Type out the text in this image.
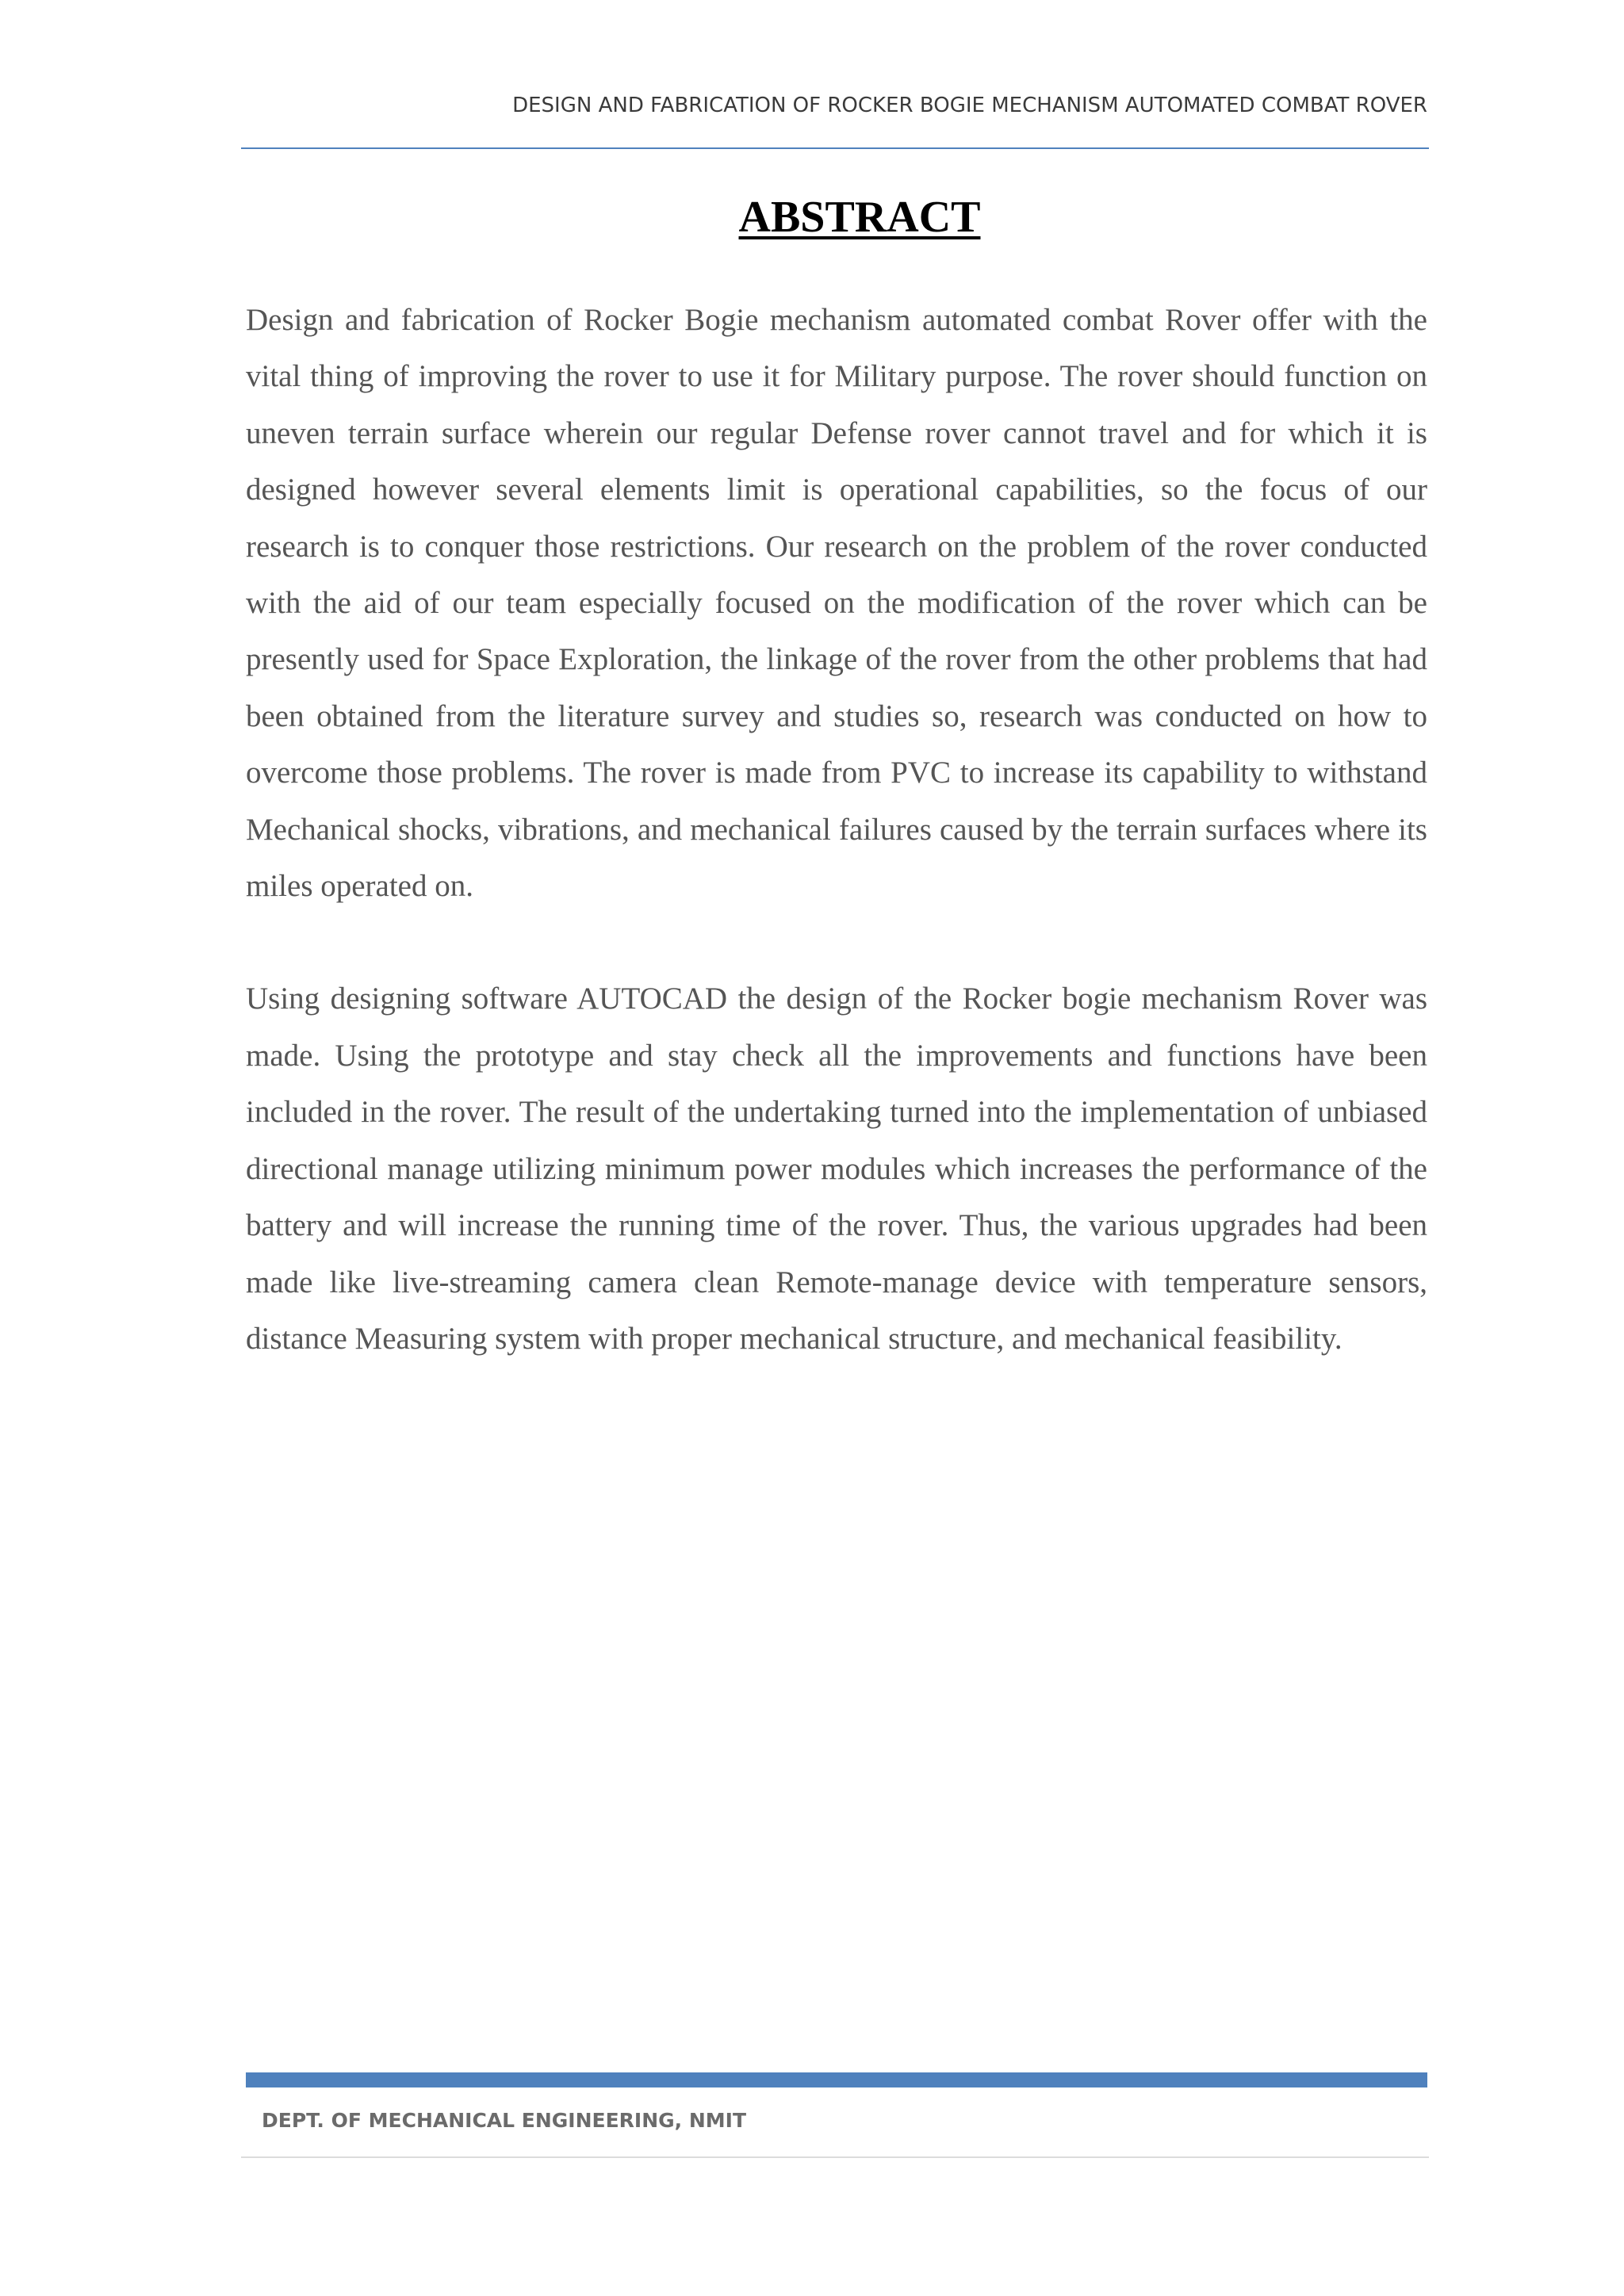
DESIGN AND FABRICATION OF ROCKER BOGIE MECHANISM AUTOMATED COMBAT ROVER
ABSTRACT

Design and fabrication of Rocker Bogie mechanism automated combat Rover offer with the vital thing of improving the rover to use it for Military purpose. The rover should function on uneven terrain surface wherein our regular Defense rover cannot travel and for which it is designed however several elements limit is operational capabilities, so the focus of our research is to conquer those restrictions. Our research on the problem of the rover conducted with the aid of our team especially focused on the modification of the rover which can be presently used for Space Exploration, the linkage of the rover from the other problems that had been obtained from the literature survey and studies so, research was conducted on how to overcome those problems. The rover is made from PVC to increase its capability to withstand Mechanical shocks, vibrations, and mechanical failures caused by the terrain surfaces where its miles operated on.

Using designing software AUTOCAD the design of the Rocker bogie mechanism Rover was made. Using the prototype and stay check all the improvements and functions have been included in the rover. The result of the undertaking turned into the implementation of unbiased directional manage utilizing minimum power modules which increases the performance of the battery and will increase the running time of the rover. Thus, the various upgrades had been made like live-streaming camera clean Remote-manage device with temperature sensors, distance Measuring system with proper mechanical structure, and mechanical feasibility.

DEPT. OF MECHANICAL ENGINEERING, NMIT
